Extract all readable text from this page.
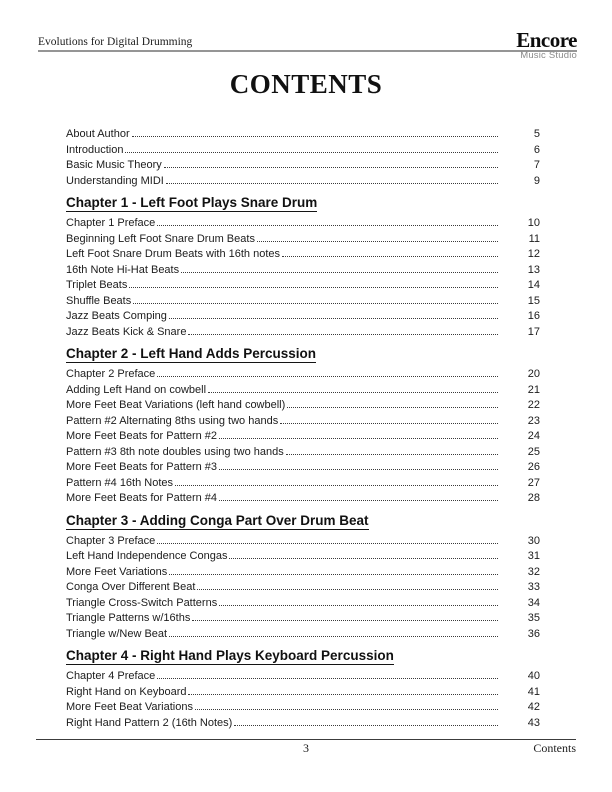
Evolutions for Digital Drumming	Encore
Music Studio
CONTENTS
About Author	5
Introduction	6
Basic Music Theory	7
Understanding MIDI	9
Chapter 1 - Left Foot Plays Snare Drum
Chapter 1 Preface	10
Beginning Left Foot Snare Drum Beats	11
Left Foot Snare Drum Beats with 16th notes	12
16th Note Hi-Hat Beats	13
Triplet Beats	14
Shuffle Beats	15
Jazz Beats Comping	16
Jazz Beats Kick & Snare	17
Chapter 2 - Left Hand Adds Percussion
Chapter 2 Preface	20
Adding Left Hand on cowbell	21
More Feet Beat Variations (left hand cowbell)	22
Pattern #2 Alternating 8ths using two hands	23
More Feet Beats for Pattern #2	24
Pattern #3 8th note doubles using two hands	25
More Feet Beats for Pattern #3	26
Pattern #4 16th Notes	27
More Feet Beats for Pattern #4	28
Chapter 3 - Adding Conga Part Over Drum Beat
Chapter 3 Preface	30
Left Hand Independence Congas	31
More Feet Variations	32
Conga Over Different Beat	33
Triangle Cross-Switch Patterns	34
Triangle Patterns w/16ths	35
Triangle w/New Beat	36
Chapter 4 - Right Hand Plays Keyboard Percussion
Chapter 4 Preface	40
Right Hand on Keyboard	41
More Feet Beat Variations	42
Right Hand Pattern 2 (16th Notes)	43
3	Contents
